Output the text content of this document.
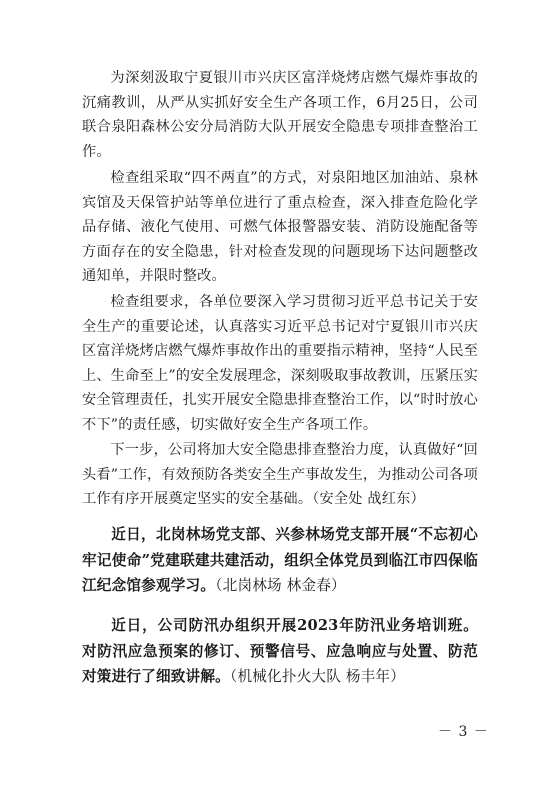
为深刻汲取宁夏银川市兴庆区富洋烧烤店燃气爆炸事故的沉痛教训，从严从实抓好安全生产各项工作，6月25日，公司联合泉阳森林公安分局消防大队开展安全隐患专项排查整治工作。

检查组采取“四不两直”的方式，对泉阳地区加油站、泉林宾馆及天保管护站等单位进行了重点检查，深入排查危险化学品存储、液化气使用、可燃气体报警器安装、消防设施配备等方面存在的安全隐患，针对检查发现的问题现场下达问题整改通知单，并限时整改。

检查组要求，各单位要深入学习贯彻习近平总书记关于安全生产的重要论述，认真落实习近平总书记对宁夏银川市兴庆区富洋烧烤店燃气爆炸事故作出的重要指示精神，坚持“人民至上、生命至上”的安全发展理念，深刻吸取事故教训，压紧压实安全管理责任，扎实开展安全隐患排查整治工作，以“时时放心不下”的责任感，切实做好安全生产各项工作。

下一步，公司将加大安全隐患排查整治力度，认真做好“回头看”工作，有效预防各类安全生产事故发生，为推动公司各项工作有序开展奠定坚实的安全基础。（安全处 战红东）

近日，北岗林场党支部、兴参林场党支部开展“不忘初心 牢记使命”党建联建共建活动，组织全体党员到临江市四保临江纪念馆参观学习。（北岗林场 林金春）

近日，公司防汛办组织开展2023年防汛业务培训班。对防汛应急预案的修订、预警信号、应急响应与处置、防范对策进行了细致讲解。（机械化扑火大队 杨丰年）

－ 3 －
